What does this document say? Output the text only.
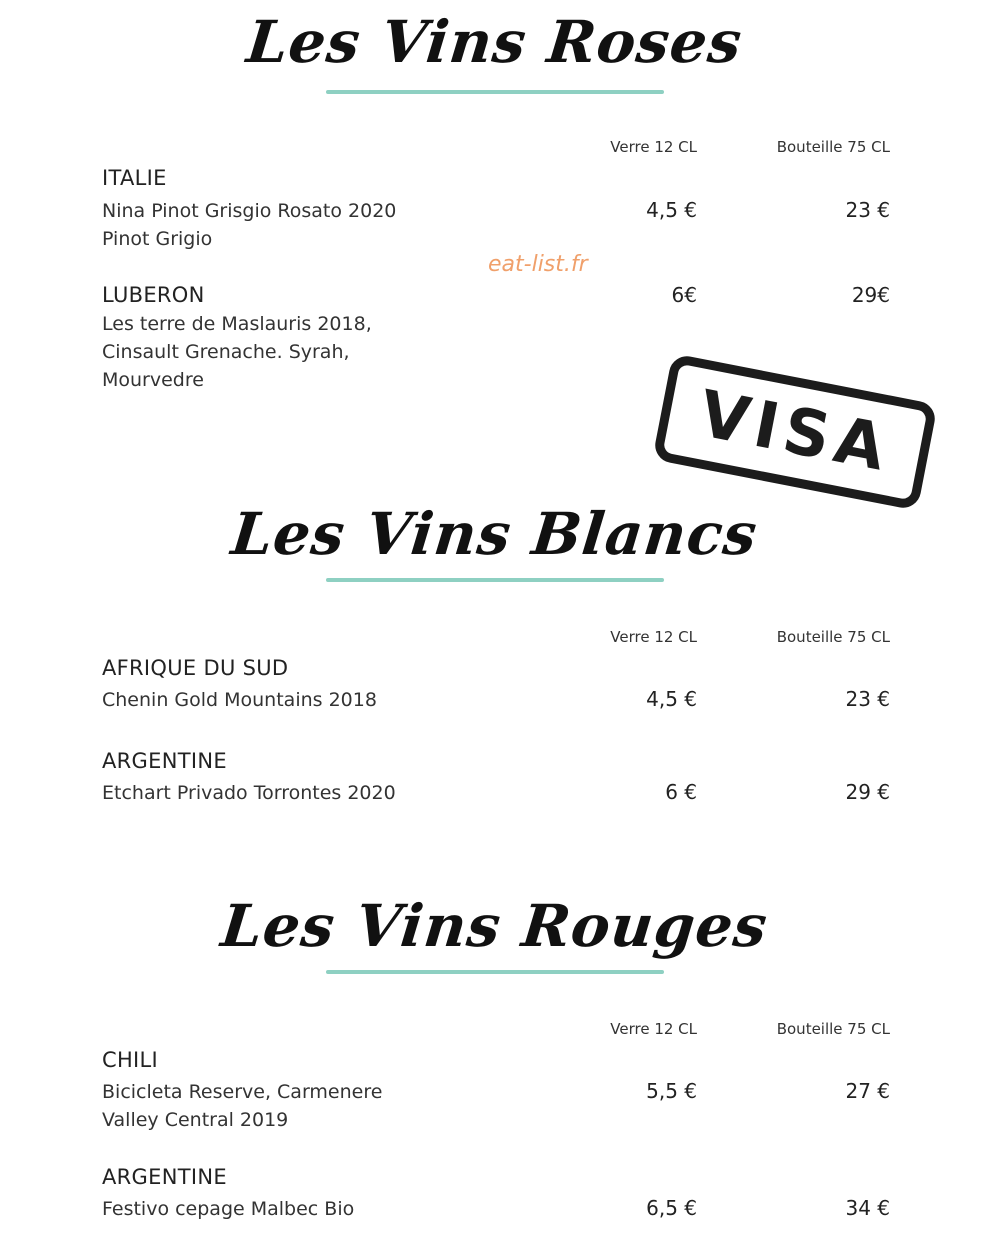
Les Vins Roses
Verre 12 CL	Bouteille 75 CL
ITALIE
Nina Pinot Grisgio Rosato 2020
Pinot Grigio
4,5 €	23 €
eat-list.fr
LUBERON	6€	29€
Les terre de Maslauris 2018,
Cinsault Grenache. Syrah,
Mourvedre	VISA
Les Vins Blancs
Verre 12 CL	Bouteille 75 CL
AFRIQUE DU SUD
Chenin Gold Mountains 2018	4,5 €	23 €
ARGENTINE
Etchart Privado Torrontes 2020	6 €	29 €
Les Vins Rouges
Verre 12 CL	Bouteille 75 CL
CHILI
Bicicleta Reserve, Carmenere
Valley Central 2019
5,5 €	27 €
ARGENTINE
Festivo cepage Malbec Bio	6,5 €	34 €
